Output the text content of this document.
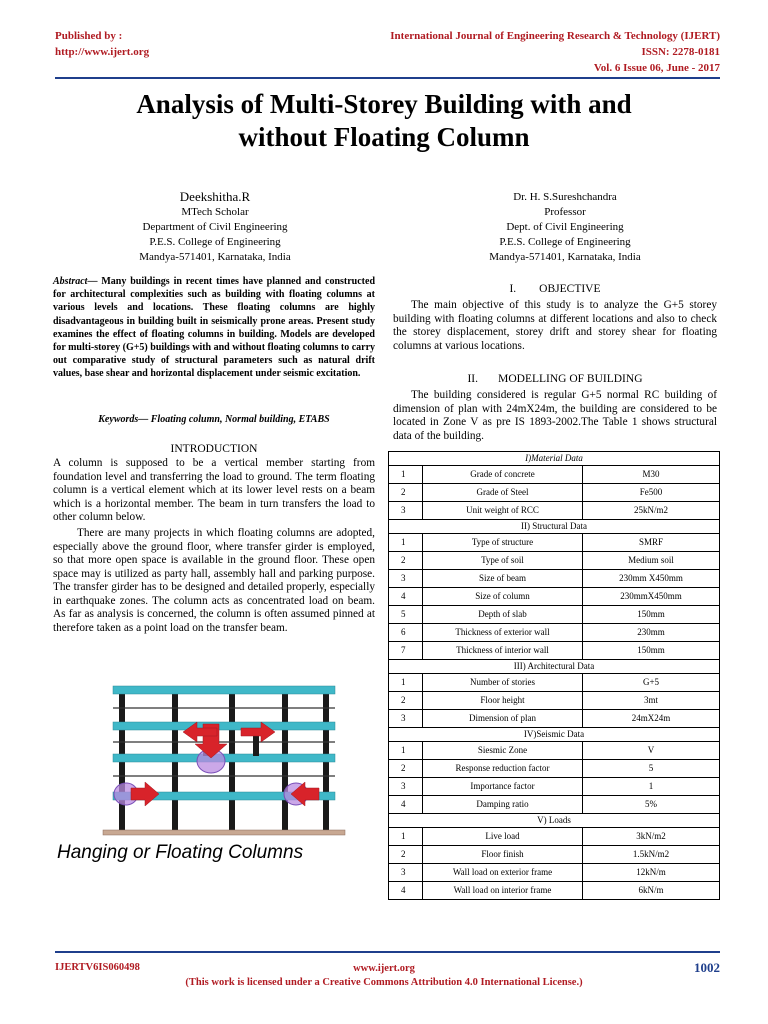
Published by :
http://www.ijert.org
International Journal of Engineering Research & Technology (IJERT)
ISSN: 2278-0181
Vol. 6 Issue 06, June - 2017
Analysis of Multi-Storey Building with and
without Floating Column
Deekshitha.R
MTech Scholar
Department of Civil Engineering
P.E.S. College of Engineering
Mandya-571401, Karnataka, India
Dr. H. S.Sureshchandra
Professor
Dept. of Civil Engineering
P.E.S. College of Engineering
Mandya-571401, Karnataka, India
Abstract— Many buildings in recent times have planned and constructed for architectural complexities such as building with floating columns at various levels and locations. These floating columns are highly disadvantageous in building built in seismically prone areas. Present study examines the effect of floating columns in building. Models are developed for multi-storey (G+5) buildings with and without floating columns to carry out comparative study of structural parameters such as natural drift values, base shear and horizontal displacement under seismic excitation.
Keywords— Floating column, Normal building, ETABS
INTRODUCTION
A column is supposed to be a vertical member starting from foundation level and transferring the load to ground. The term floating column is a vertical element which at its lower level rests on a beam which is a horizontal member. The beam in turn transfers the load to other column below.
There are many projects in which floating columns are adopted, especially above the ground floor, where transfer girder is employed, so that more open space is available in the ground floor. These open space may is utilized as party hall, assembly hall and parking purpose. The transfer girder has to be designed and detailed properly, especially in earthquake zones. The column acts as concentrated load on beam. As far as analysis is concerned, the column is often assumed pinned at therefore taken as a point load on the transfer beam.
Hanging or Floating Columns
I.        OBJECTIVE
The main objective of this study is to analyze the G+5 storey building with floating columns at different locations and also to check the storey displacement, storey drift and storey shear for floating columns at various locations.
II.       MODELLING OF BUILDING
The building considered is regular G+5 normal RC building of dimension of plan with 24mX24m, the building are considered to be located in Zone V as pre IS 1893-2002.The Table 1 shows structural data of the building.
I)Material Data		
1	Grade of concrete	M30
2	Grade of Steel	Fe500
3	Unit weight of RCC	25kN/m2
II) Structural Data		
1	Type of structure	SMRF
2	Type of soil	Medium soil
3	Size of beam	230mm X450mm
4	Size of column	230mmX450mm
5	Depth of slab	150mm
6	Thickness of exterior wall	230mm
7	Thickness of interior wall	150mm
III) Architectural Data		
1	Number of stories	G+5
2	Floor height	3mt
3	Dimension of plan	24mX24m
IV)Seismic Data		
1	Siesmic Zone	V
2	Response reduction factor	5
3	Importance factor	1
4	Damping ratio	5%
V) Loads		
1	Live load	3kN/m2
2	Floor finish	1.5kN/m2
3	Wall load on exterior frame	12kN/m
4	Wall load on interior frame	6kN/m
IJERTV6IS060498	www.ijert.org
(This work is licensed under a Creative Commons Attribution 4.0 International License.)
1002
